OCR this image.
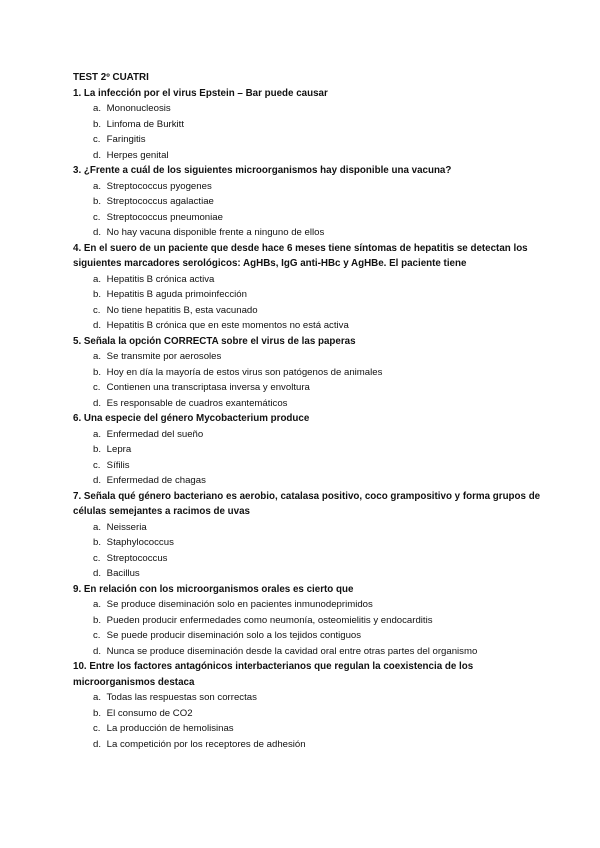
TEST 2º CUATRI
1. La infección por el virus Epstein – Bar puede causar
a. Mononucleosis
b. Linfoma de Burkitt
c. Faringitis
d. Herpes genital
3. ¿Frente a cuál de los siguientes microorganismos hay disponible una vacuna?
a. Streptococcus pyogenes
b. Streptococcus agalactiae
c. Streptococcus pneumoniae
d. No hay vacuna disponible frente a ninguno de ellos
4. En el suero de un paciente que desde hace 6 meses tiene síntomas de hepatitis se detectan los siguientes marcadores serológicos: AgHBs, IgG anti-HBc y AgHBe. El paciente tiene
a. Hepatitis B crónica activa
b. Hepatitis B aguda primoinfección
c. No tiene hepatitis B, esta vacunado
d. Hepatitis B crónica que en este momentos no está activa
5. Señala la opción CORRECTA sobre el virus de las paperas
a. Se transmite por aerosoles
b. Hoy en día la mayoría de estos virus son patógenos de animales
c. Contienen una transcriptasa inversa y envoltura
d. Es responsable de cuadros exantemáticos
6. Una especie del género Mycobacterium produce
a. Enfermedad del sueño
b. Lepra
c. Sífilis
d. Enfermedad de chagas
7. Señala qué género bacteriano es aerobio, catalasa positivo, coco grampositivo y forma grupos de células semejantes a racimos de uvas
a. Neisseria
b. Staphylococcus
c. Streptococcus
d. Bacillus
9. En relación con los microorganismos orales es cierto que
a. Se produce diseminación solo en pacientes inmunodeprimidos
b. Pueden producir enfermedades como neumonía, osteomielitis y endocarditis
c. Se puede producir diseminación solo a los tejidos contiguos
d. Nunca se produce diseminación desde la cavidad oral entre otras partes del organismo
10. Entre los factores antagónicos interbacterianos que regulan la coexistencia de los microorganismos destaca
a. Todas las respuestas son correctas
b. El consumo de CO2
c. La producción de hemolisinas
d. La competición por los receptores de adhesión
